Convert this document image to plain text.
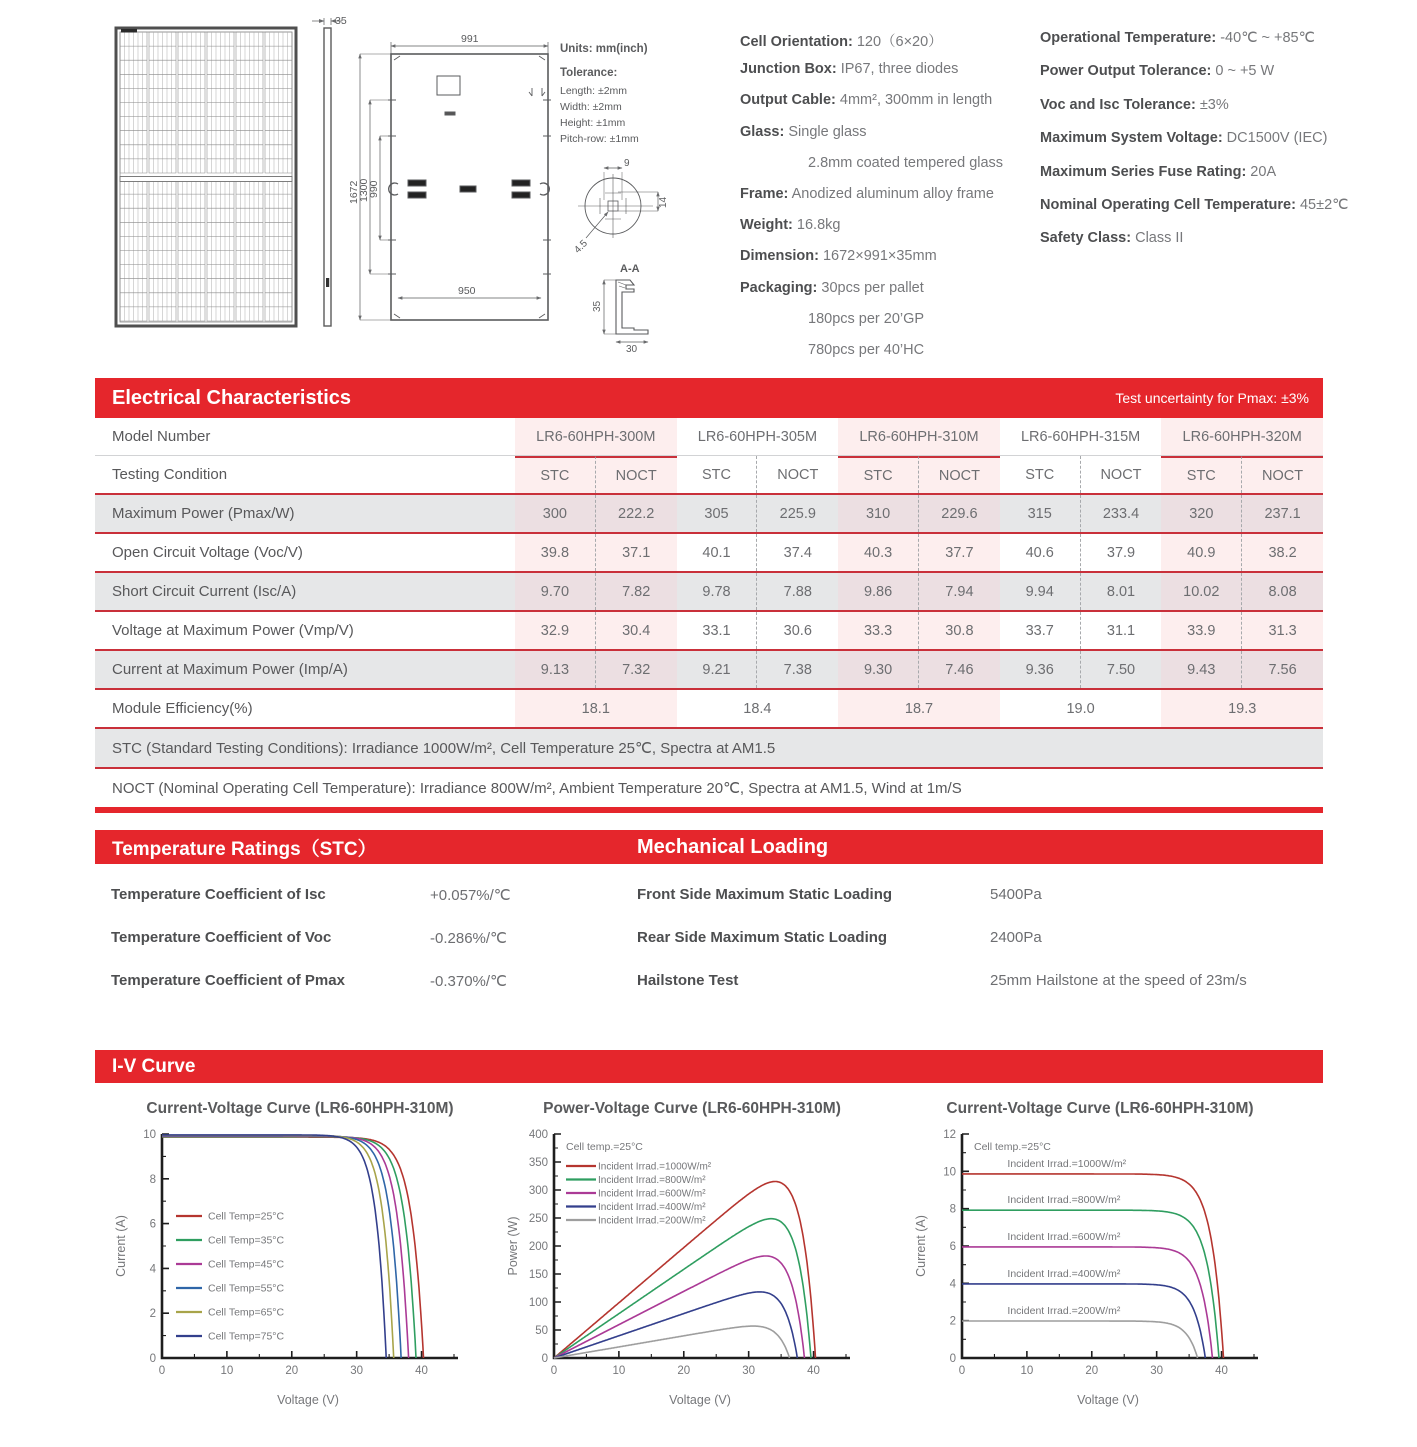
35
991
1672
1300
990
950
Units: mm(inch)
Tolerance:
Length: ±2mm
Width: ±2mm
Height: ±1mm
Pitch-row: ±1mm
9
14
4.5
A-A
35
30
Cell Orientation: 120（6×20）
Junction Box: IP67, three diodes
Output Cable: 4mm², 300mm in length
Glass: Single glass
2.8mm coated tempered glass
Frame: Anodized aluminum alloy frame
Weight: 16.8kg
Dimension: 1672×991×35mm
Packaging: 30pcs per pallet
180pcs per 20’GP
780pcs per 40’HC
Operational Temperature: -40℃ ~ +85℃
Power Output Tolerance: 0 ~ +5 W
Voc and Isc Tolerance: ±3%
Maximum System Voltage: DC1500V (IEC)
Maximum Series Fuse Rating: 20A
Nominal Operating Cell Temperature: 45±2℃
Safety Class: Class II
Electrical Characteristics	Test uncertainty for Pmax: ±3%
Model Number	LR6-60HPH-300M	LR6-60HPH-305M	LR6-60HPH-310M	LR6-60HPH-315M	LR6-60HPH-320M
Testing Condition	STC	NOCT	STC	NOCT	STC	NOCT	STC	NOCT	STC	NOCT
Maximum Power (Pmax/W)	300	222.2	305	225.9	310	229.6	315	233.4	320	237.1
Open Circuit Voltage (Voc/V)	39.8	37.1	40.1	37.4	40.3	37.7	40.6	37.9	40.9	38.2
Short Circuit Current (Isc/A)	9.70	7.82	9.78	7.88	9.86	7.94	9.94	8.01	10.02	8.08
Voltage at Maximum Power (Vmp/V)	32.9	30.4	33.1	30.6	33.3	30.8	33.7	31.1	33.9	31.3
Current at Maximum Power (Imp/A)	9.13	7.32	9.21	7.38	9.30	7.46	9.36	7.50	9.43	7.56
Module Efficiency(%)	18.1	18.4	18.7	19.0	19.3
STC (Standard Testing Conditions): Irradiance 1000W/m², Cell Temperature 25℃, Spectra at AM1.5
NOCT (Nominal Operating Cell Temperature): Irradiance 800W/m², Ambient Temperature 20℃, Spectra at AM1.5, Wind at 1m/S
Temperature Ratings（STC）	Mechanical Loading
Temperature Coefficient of Isc	+0.057%/℃
Temperature Coefficient of Voc	-0.286%/℃
Temperature Coefficient of Pmax	-0.370%/℃
Front Side Maximum Static Loading	5400Pa
Rear Side Maximum Static Loading	2400Pa
Hailstone Test	25mm Hailstone at the speed of 23m/s
I-V Curve
Current-Voltage Curve (LR6-60HPH-310M)
0	10	20	30	40
0
2
4
6
8
10
Voltage (V)
Current (A)	Cell Temp=25°C
Cell Temp=35°C
Cell Temp=45°C
Cell Temp=55°C
Cell Temp=65°C
Cell Temp=75°C
Power-Voltage Curve (LR6-60HPH-310M)
0	10	20	30	40
0
50
100
150
200
250
300
350
400
Voltage (V)
Power (W)
Cell temp.=25°C
Incident Irrad.=1000W/m²
Incident Irrad.=800W/m²
Incident Irrad.=600W/m²
Incident Irrad.=400W/m²
Incident Irrad.=200W/m²
Current-Voltage Curve (LR6-60HPH-310M)
0	10	20	30	40
0
2
4
6
8
10
12
Voltage (V)
Current (A)
Cell temp.=25°C
Incident Irrad.=1000W/m²
Incident Irrad.=800W/m²
Incident Irrad.=600W/m²
Incident Irrad.=400W/m²
Incident Irrad.=200W/m²
